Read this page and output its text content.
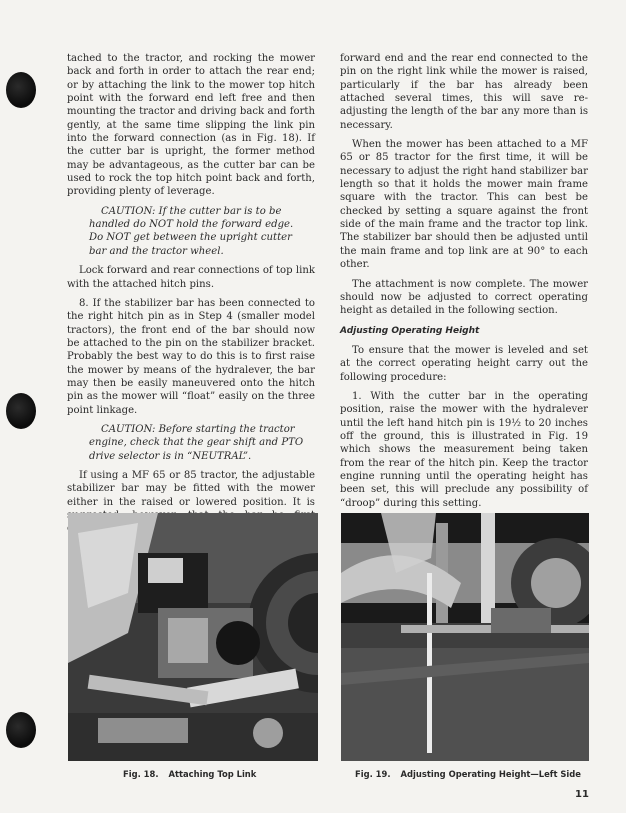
tached to the tractor, and rocking the mower back and forth in order to attach the rear end; or by attaching the link to the mower top hitch point with the forward end left free and then mounting the tractor and driving back and forth gently, at the same time slipping the link pin into the forward connection (as in Fig. 18). If the cutter bar is upright, the former method may be advantageous, as the cutter bar can be used to rock the top hitch point back and forth, providing plenty of leverage.

CAUTION: If the cutter bar is to be handled do NOT hold the forward edge. Do NOT get between the upright cutter bar and the tractor wheel.

Lock forward and rear connections of top link with the attached hitch pins.

8. If the stabilizer bar has been connected to the right hitch pin as in Step 4 (smaller model tractors), the front end of the bar should now be attached to the pin on the stabilizer bracket. Probably the best way to do this is to first raise the mower by means of the hydralever, the bar may then be easily maneuvered onto the hitch pin as the mower will “float” easily on the three point linkage.

CAUTION: Before starting the tractor engine, check that the gear shift and PTO drive selector is in “NEUTRAL”.

If using a MF 65 or 85 tractor, the adjustable stabilizer bar may be fitted with the mower either in the raised or lowered position. It is

forward end and the rear end connected to the pin on the right link while the mower is raised, particularly if the bar has already been attached several times, this will save re-adjusting the length of the bar any more than is necessary.

When the mower has been attached to a MF 65 or 85 tractor for the first time, it will be necessary to adjust the right hand stabilizer bar length so that it holds the mower main frame square with the tractor. This can best be checked by setting a square against the front side of the main frame and the tractor top link. The stabilizer bar should then be adjusted until the main frame and top link are at 90° to each other.

The attachment is now complete. The mower should now be adjusted to correct operating height as detailed in the following section.

Adjusting Operating Height

To ensure that the mower is leveled and set at the correct operating height carry out the following procedure:

1. With the cutter bar in the operating position, raise the mower with the hydralever until the left hand hitch pin is 19½ to 20 inches off the ground, this is illustrated in Fig. 19 which shows the measurement being taken from the rear of the hitch pin. Keep the tractor engine running until the operating height has been set, this will preclude any possibility of “droop” during this setting.

Fig. 18. Attaching Top Link	Fig. 19. Adjusting Operating Height—Left Side
11
